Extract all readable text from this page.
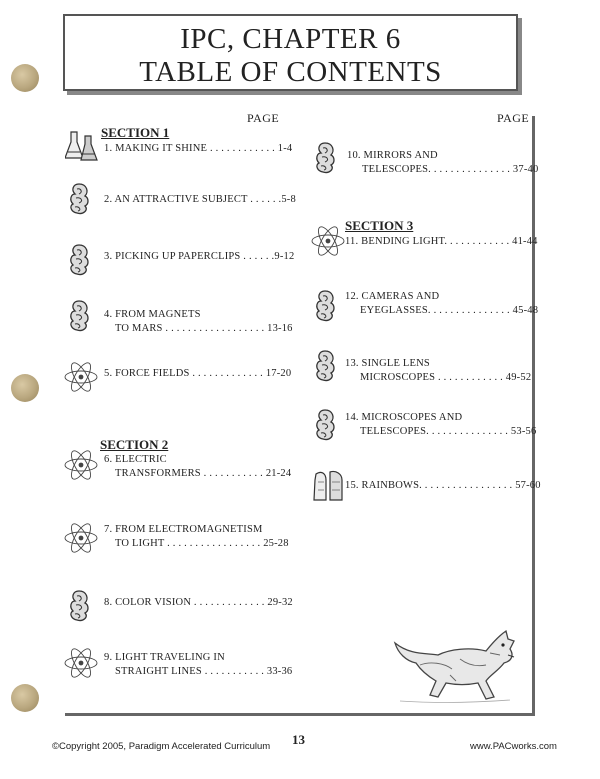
IPC, CHAPTER 6
TABLE OF CONTENTS
PAGE	PAGE
SECTION 1
SECTION 2
SECTION 3
1. MAKING IT SHINE . . . . . . . . . . . . 1-4
2. AN ATTRACTIVE SUBJECT . . . . . .5-8
3. PICKING UP PAPERCLIPS . . . . . .9-12
4. FROM MAGNETS
TO MARS . . . . . . . . . . . . . . . . . . 13-16
5. FORCE FIELDS . . . . . . . . . . . . . 17-20
6. ELECTRIC
TRANSFORMERS . . . . . . . . . . . 21-24
7. FROM ELECTROMAGNETISM
TO LIGHT . . . . . . . . . . . . . . . . . 25-28
8. COLOR VISION . . . . . . . . . . . . . 29-32
9. LIGHT TRAVELING IN
STRAIGHT LINES . . . . . . . . . . . 33-36
10. MIRRORS AND
TELESCOPES. . . . . . . . . . . . . . . 37-40
11. BENDING LIGHT. . . . . . . . . . . . 41-44
12. CAMERAS AND
EYEGLASSES. . . . . . . . . . . . . . . 45-48
13. SINGLE LENS
MICROSCOPES . . . . . . . . . . . . 49-52
14. MICROSCOPES AND
TELESCOPES. . . . . . . . . . . . . . . 53-56
15. RAINBOWS. . . . . . . . . . . . . . . . . 57-60
13
©Copyright 2005, Paradigm Accelerated Curriculum	www.PACworks.com
